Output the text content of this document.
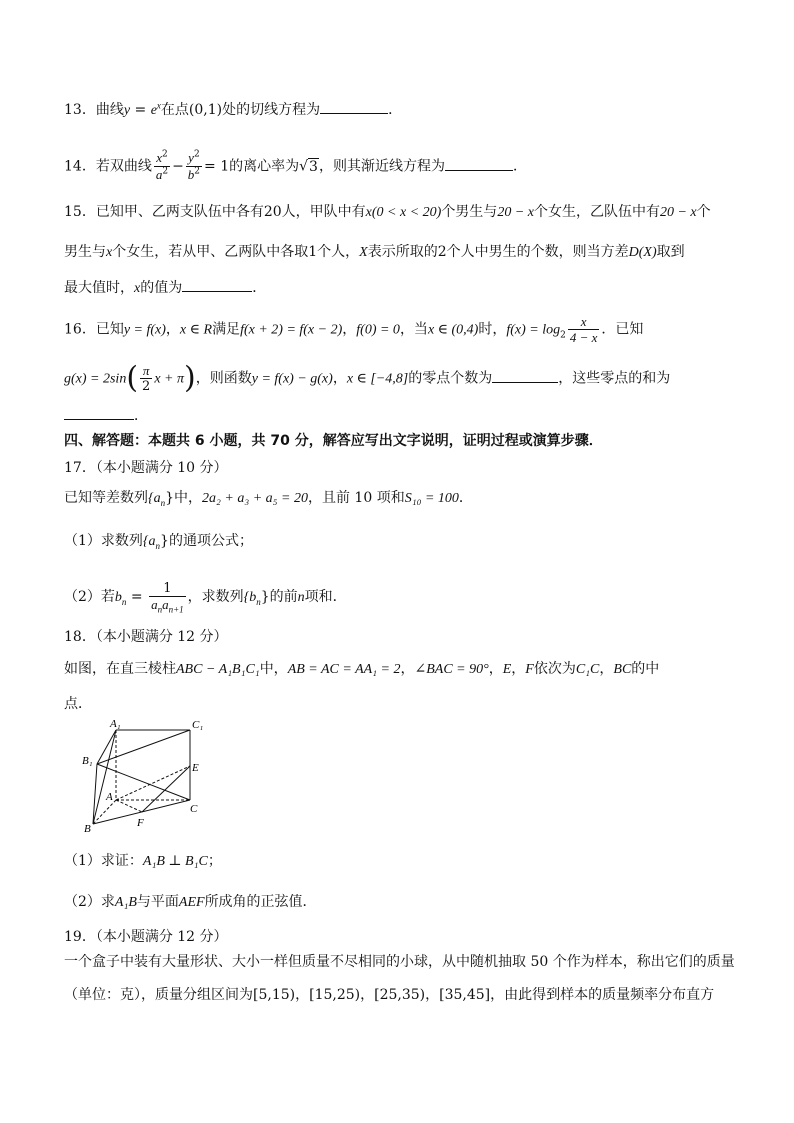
13．曲线$y = e^x$在点(0,1)处的切线方程为	．
14．若双曲线 $\frac{x^2}{a^2} - \frac{y^2}{b^2} = 1$的离心率为√3，则其渐近线方程为	．
15．已知甲、乙两支队伍中各有20人，甲队中有x(0 < x < 20)个男生与20 − x个女生，乙队伍中有20 − x个
男生与x个女生，若从甲、乙两队中各取1个人，X表示所取的2个人中男生的个数，则当方差D(X)取到
最大值时，x的值为	．
16．已知y = f(x)，x ∈ R满足f(x + 2) = f(x − 2)，f(0) = 0，当x ∈ (0,4)时，$f(x) = \log_2 \frac{x}{4 - x}$ ．已知
$g(x) = 2\sin( \frac{\pi}{2}$ x + π)，则函数y = f(x) − g(x)，x ∈ [−4,8]的零点个数为	，这些零点的和为
．
四、解答题：本题共 6 小题，共 70 分，解答应写出文字说明，证明过程或演算步骤．
17．（本小题满分 10 分）
已知等差数列$\{a_n\}$中，2a₂ + a₃ + a₅ = 20，且前 10 项和S₁₀ = 100．
（1）求数列$\{a_n\}$的通项公式；
（2）若$b_n = \frac{1}{a_na_{n+1}}$ ，求数列$\{b_n\}$的前n项和．
18．（本小题满分 12 分）
如图，在直三棱柱ABC − A₁B₁C₁中，AB = AC = AA₁ = 2，∠BAC = 90°，E，F依次为C₁C，BC的中
点．
A₁	C₁
B₁
E
A
C
B	F
（1）求证：A₁B ⊥ B₁C；
（2）求A₁B与平面AEF所成角的正弦值．
19．（本小题满分 12 分）
一个盒子中装有大量形状、大小一样但质量不尽相同的小球，从中随机抽取 50 个作为样本，称出它们的质量
（单位：克），质量分组区间为[5,15)，[15,25)，[25,35)，[35,45]，由此得到样本的质量频率分布直方
